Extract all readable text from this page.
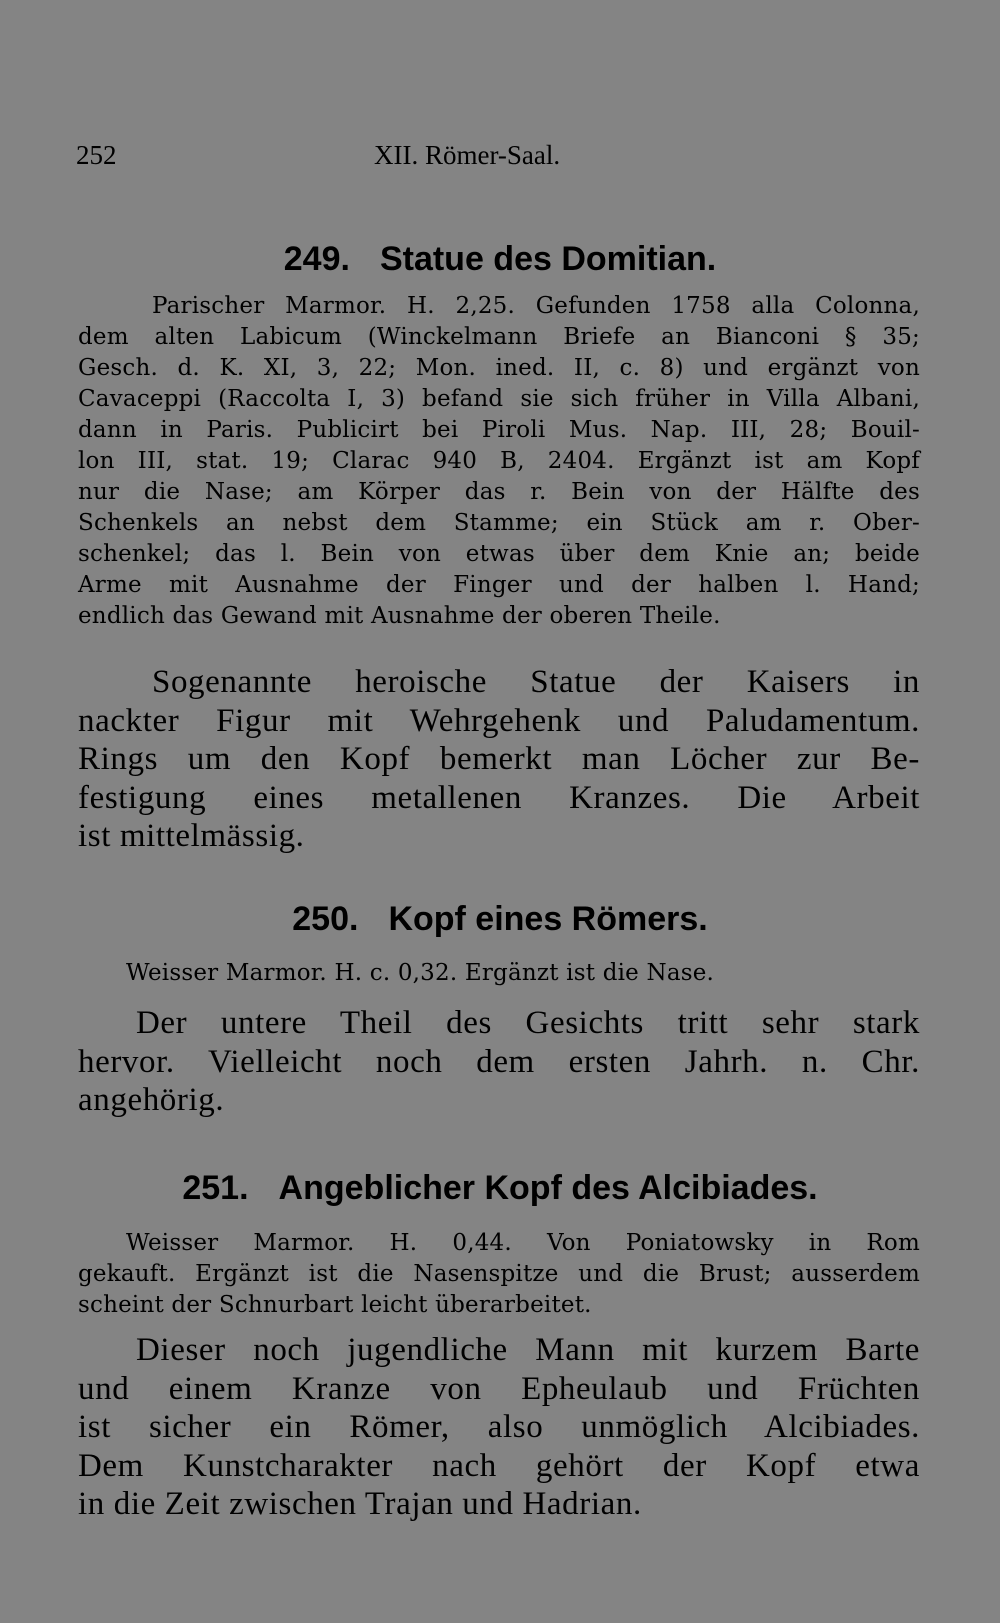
252	XII. Römer-Saal.
249. Statue des Domitian.
Parischer Marmor. H. 2,25. Gefunden 1758 alla Colonna,
dem alten Labicum (Winckelmann Briefe an Bianconi § 35;
Gesch. d. K. XI, 3, 22; Mon. ined. II, c. 8) und ergänzt von
Cavaceppi (Raccolta I, 3) befand sie sich früher in Villa Albani,
dann in Paris. Publicirt bei Piroli Mus. Nap. III, 28; Bouil-
lon III, stat. 19; Clarac 940 B, 2404. Ergänzt ist am Kopf
nur die Nase; am Körper das r. Bein von der Hälfte des
Schenkels an nebst dem Stamme; ein Stück am r. Ober-
schenkel; das l. Bein von etwas über dem Knie an; beide
Arme mit Ausnahme der Finger und der halben l. Hand;
endlich das Gewand mit Ausnahme der oberen Theile.
Sogenannte heroische Statue der Kaisers in
nackter Figur mit Wehrgehenk und Paludamentum.
Rings um den Kopf bemerkt man Löcher zur Be-
festigung eines metallenen Kranzes. Die Arbeit
ist mittelmässig.
250. Kopf eines Römers.
Weisser Marmor. H. c. 0,32. Ergänzt ist die Nase.
Der untere Theil des Gesichts tritt sehr stark
hervor. Vielleicht noch dem ersten Jahrh. n. Chr.
angehörig.
251. Angeblicher Kopf des Alcibiades.
Weisser Marmor. H. 0,44. Von Poniatowsky in Rom
gekauft. Ergänzt ist die Nasenspitze und die Brust; ausserdem
scheint der Schnurbart leicht überarbeitet.
Dieser noch jugendliche Mann mit kurzem Barte
und einem Kranze von Epheulaub und Früchten
ist sicher ein Römer, also unmöglich Alcibiades.
Dem Kunstcharakter nach gehört der Kopf etwa
in die Zeit zwischen Trajan und Hadrian.
